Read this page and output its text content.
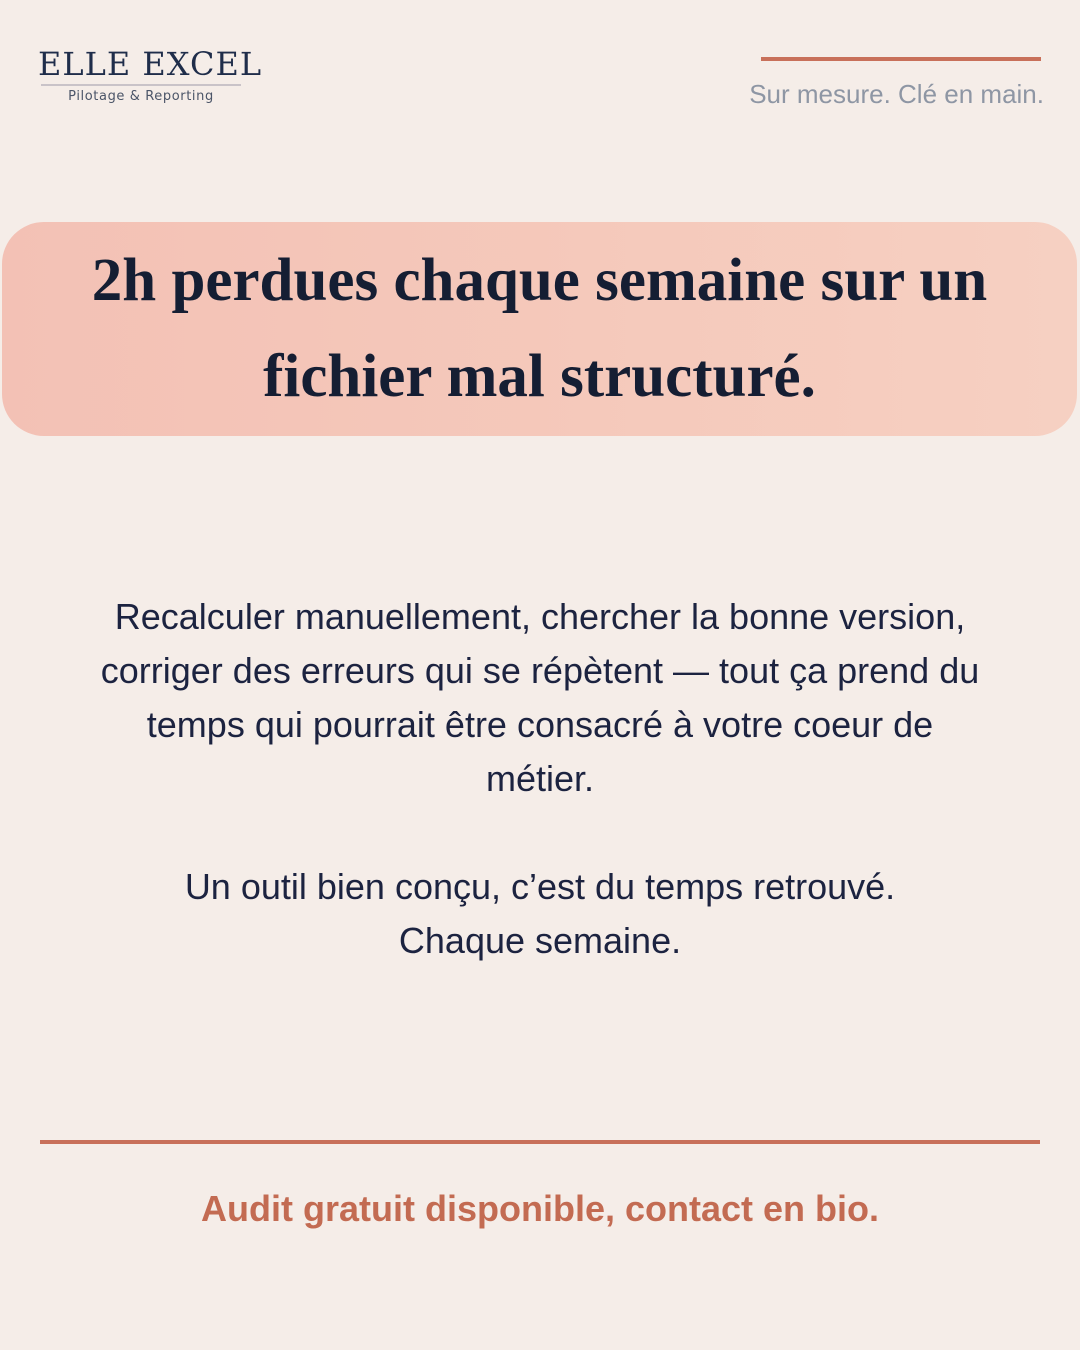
ELLE EXCEL
Pilotage & Reporting	Sur mesure. Clé en main.
2h perdues chaque semaine sur un fichier mal structuré.

Recalculer manuellement, chercher la bonne version, corriger des erreurs qui se répètent — tout ça prend du temps qui pourrait être consacré à votre coeur de métier.

Un outil bien conçu, c’est du temps retrouvé.
Chaque semaine.

Audit gratuit disponible, contact en bio.
